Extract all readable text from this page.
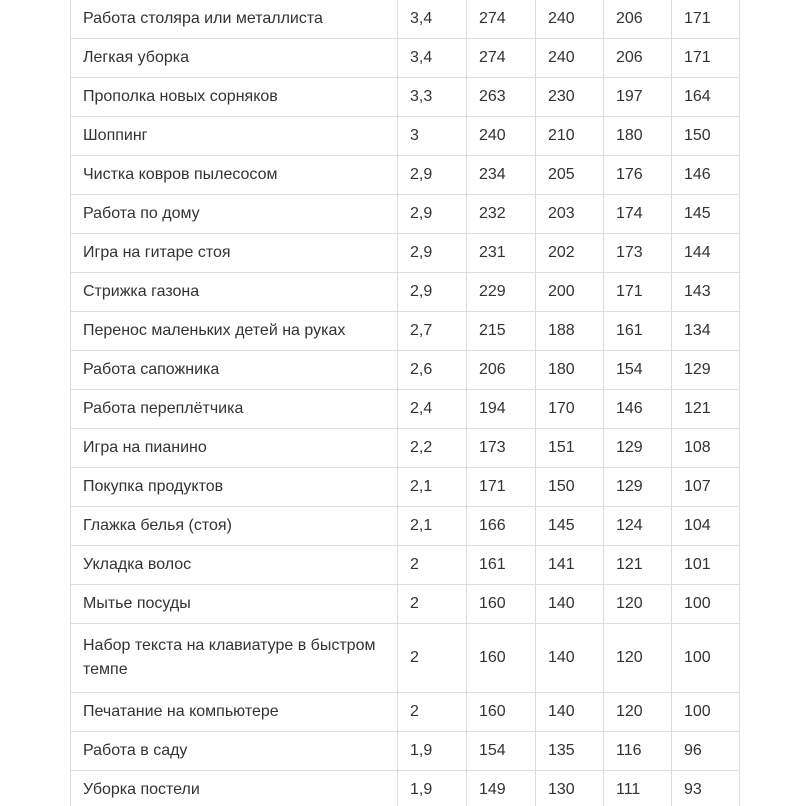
Работа столяра или металлиста	3,4	274	240	206	171
Легкая уборка	3,4	274	240	206	171
Прополка новых сорняков	3,3	263	230	197	164
Шоппинг	3	240	210	180	150
Чистка ковров пылесосом	2,9	234	205	176	146
Работа по дому	2,9	232	203	174	145
Игра на гитаре стоя	2,9	231	202	173	144
Стрижка газона	2,9	229	200	171	143
Перенос маленьких детей на руках	2,7	215	188	161	134
Работа сапожника	2,6	206	180	154	129
Работа переплётчика	2,4	194	170	146	121
Игра на пианино	2,2	173	151	129	108
Покупка продуктов	2,1	171	150	129	107
Глажка белья (стоя)	2,1	166	145	124	104
Укладка волос	2	161	141	121	101
Мытье посуды	2	160	140	120	100
Набор текста на клавиатуре в быстром темпе	2	160	140	120	100
Печатание на компьютере	2	160	140	120	100
Работа в саду	1,9	154	135	116	96
Уборка постели	1,9	149	130	111	93
